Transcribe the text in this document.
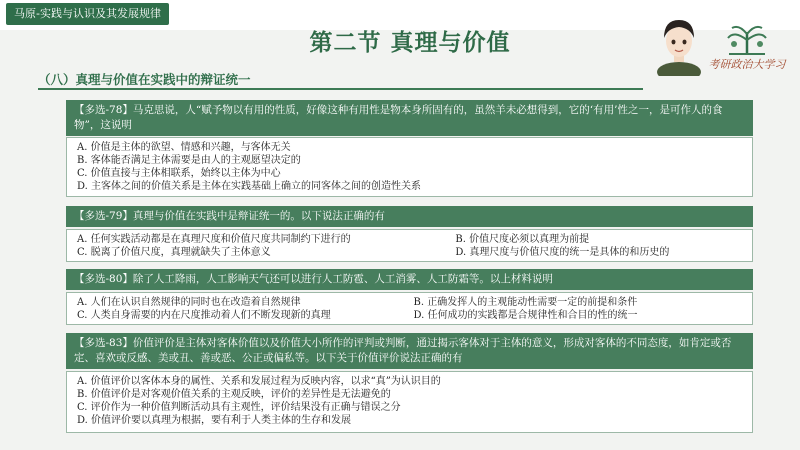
马原-实践与认识及其发展规律
第二节 真理与价值
考研政治大学习
（八）真理与价值在实践中的辩证统一
【多选-78】马克思说，人“赋予物以有用的性质，好像这种有用性是物本身所固有的，虽然羊未必想得到，它的‘有用’性之一，是可作人的食物”，这说明
A. 价值是主体的欲望、情感和兴趣，与客体无关
B. 客体能否满足主体需要是由人的主观愿望决定的
C. 价值直接与主体相联系，始终以主体为中心
D. 主客体之间的价值关系是主体在实践基础上确立的同客体之间的创造性关系
【多选-79】真理与价值在实践中是辩证统一的。以下说法正确的有
A. 任何实践活动都是在真理尺度和价值尺度共同制约下进行的	B. 价值尺度必须以真理为前提
C. 脱离了价值尺度，真理就缺失了主体意义	D. 真理尺度与价值尺度的统一是具体的和历史的
【多选-80】除了人工降雨，人工影响天气还可以进行人工防雹、人工消雾、人工防霜等。以上材料说明
A. 人们在认识自然规律的同时也在改造着自然规律	B. 正确发挥人的主观能动性需要一定的前提和条件
C. 人类自身需要的内在尺度推动着人们不断发现新的真理	D. 任何成功的实践都是合规律性和合目的性的统一
【多选-83】价值评价是主体对客体价值以及价值大小所作的评判或判断，通过揭示客体对于主体的意义，形成对客体的不同态度，如肯定或否定、喜欢或反感、美或丑、善或恶、公正或偏私等。以下关于价值评价说法正确的有
A. 价值评价以客体本身的属性、关系和发展过程为反映内容，以求“真”为认识目的
B. 价值评价是对客观价值关系的主观反映，评价的差异性是无法避免的
C. 评价作为一种价值判断活动具有主观性，评价结果没有正确与错误之分
D. 价值评价要以真理为根据，要有利于人类主体的生存和发展
